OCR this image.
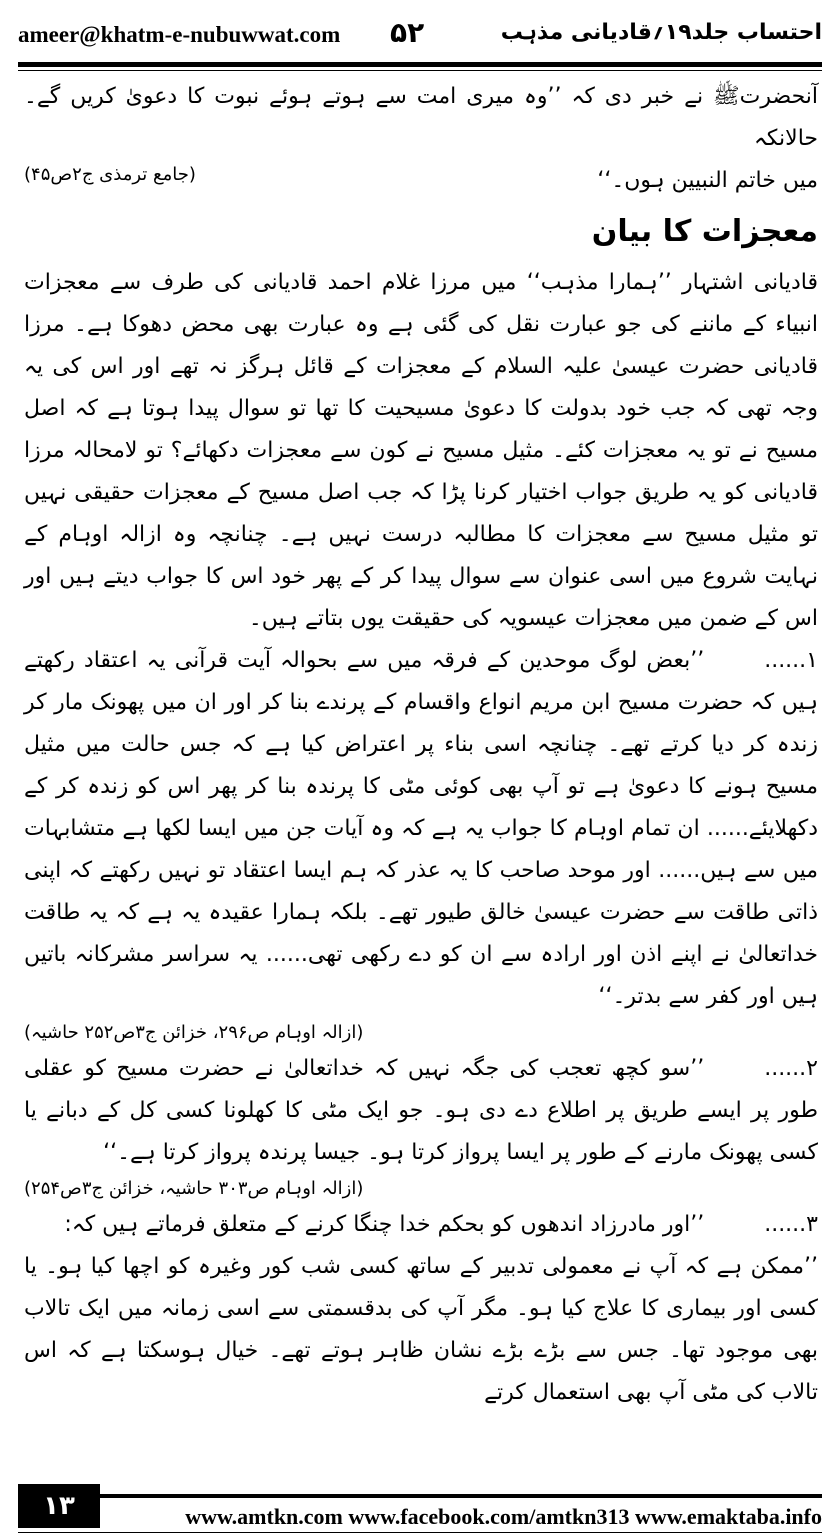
ameer@khatm-e-nubuwwat.com ۵۲	احتساب جلد۱۹؍قادیانی مذہب

آنحضرتﷺ نے خبر دی کہ ’’وہ میری امت سے ہوتے ہوئے نبوت کا دعویٰ کریں گے۔ حالانکہ

میں خاتم النبیین ہوں۔‘‘
(جامع ترمذی ج۲ص۴۵)

معجزات کا بیان

قادیانی اشتہار ’’ہمارا مذہب‘‘ میں مرزا غلام احمد قادیانی کی طرف سے معجزات انبیاء کے ماننے کی جو عبارت نقل کی گئی ہے وہ عبارت بھی محض دھوکا ہے۔ مرزا قادیانی حضرت عیسیٰ علیہ السلام کے معجزات کے قائل ہرگز نہ تھے اور اس کی یہ وجہ تھی کہ جب خود بدولت کا دعویٰ مسیحیت کا تھا تو سوال پیدا ہوتا ہے کہ اصل مسیح نے تو یہ معجزات کئے۔ مثیل مسیح نے کون سے معجزات دکھائے؟ تو لامحالہ مرزا قادیانی کو یہ طریق جواب اختیار کرنا پڑا کہ جب اصل مسیح کے معجزات حقیقی نہیں تو مثیل مسیح سے معجزات کا مطالبہ درست نہیں ہے۔ چنانچہ وہ ازالہ اوہام کے نہایت شروع میں اسی عنوان سے سوال پیدا کر کے پھر خود اس کا جواب دیتے ہیں اور اس کے ضمن میں معجزات عیسویہ کی حقیقت یوں بتاتے ہیں۔

۱......’’بعض لوگ موحدین کے فرقہ میں سے بحوالہ آیت قرآنی یہ اعتقاد رکھتے ہیں کہ حضرت مسیح ابن مریم انواع واقسام کے پرندے بنا کر اور ان میں پھونک مار کر زندہ کر دیا کرتے تھے۔ چنانچہ اسی بناء پر اعتراض کیا ہے کہ جس حالت میں مثیل مسیح ہونے کا دعویٰ ہے تو آپ بھی کوئی مٹی کا پرندہ بنا کر پھر اس کو زندہ کر کے دکھلایئے...... ان تمام اوہام کا جواب یہ ہے کہ وہ آیات جن میں ایسا لکھا ہے متشابہات میں سے ہیں...... اور موحد صاحب کا یہ عذر کہ ہم ایسا اعتقاد تو نہیں رکھتے کہ اپنی ذاتی طاقت سے حضرت عیسیٰ خالق طیور تھے۔ بلکہ ہمارا عقیدہ یہ ہے کہ یہ طاقت خداتعالیٰ نے اپنے اذن اور ارادہ سے ان کو دے رکھی تھی...... یہ سراسر مشرکانہ باتیں ہیں اور کفر سے بدتر۔‘‘

(ازالہ اوہام ص۲۹۶، خزائن ج۳ص۲۵۲ حاشیہ)

۲......’’سو کچھ تعجب کی جگہ نہیں کہ خداتعالیٰ نے حضرت مسیح کو عقلی طور پر ایسے طریق پر اطلاع دے دی ہو۔ جو ایک مٹی کا کھلونا کسی کل کے دبانے یا کسی پھونک مارنے کے طور پر ایسا پرواز کرتا ہو۔ جیسا پرندہ پرواز کرتا ہے۔‘‘

(ازالہ اوہام ص۳۰۳ حاشیہ، خزائن ج۳ص۲۵۴)

۳......’’اور مادرزاد اندھوں کو بحکم خدا چنگا کرنے کے متعلق فرماتے ہیں کہ:

’’ممکن ہے کہ آپ نے معمولی تدبیر کے ساتھ کسی شب کور وغیرہ کو اچھا کیا ہو۔ یا کسی اور بیماری کا علاج کیا ہو۔ مگر آپ کی بدقسمتی سے اسی زمانہ میں ایک تالاب بھی موجود تھا۔ جس سے بڑے بڑے نشان ظاہر ہوتے تھے۔ خیال ہوسکتا ہے کہ اس تالاب کی مٹی آپ بھی استعمال کرتے

۱۳	www.amtkn.com www.facebook.com/amtkn313 www.emaktaba.info
